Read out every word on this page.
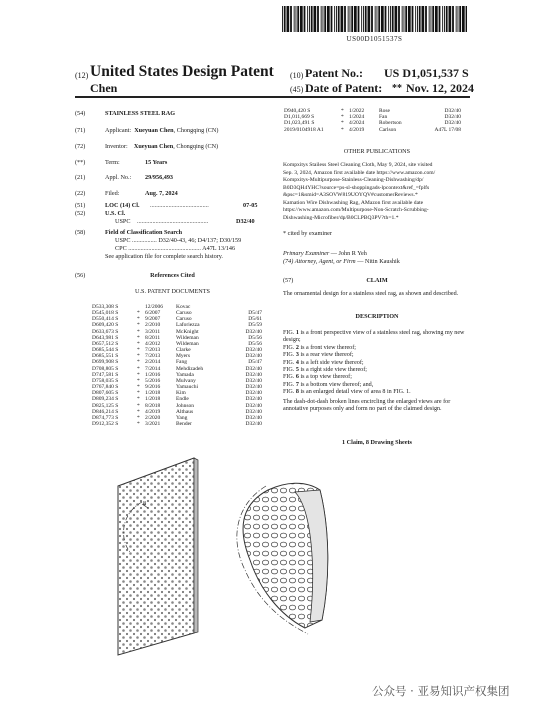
US00D1051537S
(12) United States Design Patent (10) Patent No.: US D1,051,537 S
Chen	(45) Date of Patent: ** Nov. 12, 2024
(54)	STAINLESS STEEL RAG
(71)	Applicant: Xueyuan Chen, Chongqing (CN)
(72)	Inventor: Xueyuan Chen, Chongqing (CN)
(**)	Term:	15 Years
(21)	Appl. No.: 29/956,493
(22)	Filed:	Aug. 7, 2024
(51)	LOC (14) Cl. ......................................	07-05
(52)	U.S. Cl.
USPC ..............................................	D32/40
(58)	Field of Classification Search
USPC ................ D32/40-43, 46; D4/137; D30/159
CPC ............................................... A47L 13/146
See application file for complete search history.
(56)	References Cited
U.S. PATENT DOCUMENTS
D533,308 S	12/2006	Kovac
D545,018 S	* 6/2007	Caruso	D5/47
D550,414 S	* 9/2007	Caruso	D5/61
D609,420 S	* 2/2010	Laforiezza	D5/59
D633,673 S	* 3/2011	McKnight	D32/40
D643,981 S	* 8/2011	Wildeman	D5/56
D657,512 S	* 4/2012	Wildeman	D5/56
D685,544 S	* 7/2013	Clarke	D32/40
D685,551 S	* 7/2013	Myers	D32/40
D699,908 S	* 2/2014	Fang	D5/47
D708,805 S	* 7/2014	Mehdizadeh	D32/40
D747,581 S	* 1/2016	Yamada	D32/40
D758,035 S	* 5/2016	Mulvany	D32/40
D767,840 S	* 9/2016	Yamauchi	D32/40
D807,605 S	* 1/2018	Kim	D32/40
D809,234 S	* 1/2018	Endle	D32/40
D825,125 S	* 8/2018	Johnson	D32/40
D846,214 S	* 4/2019	Althaus	D32/40
D874,773 S	* 2/2020	Yang	D32/40
D912,352 S	* 3/2021	Bender	D32/40
D940,420 S	* 1/2022	Rose	D32/40
D1,011,669 S	* 1/2024	Fan	D32/40
D1,023,491 S	* 4/2024	Robertson	D32/40
2019/0104918 A1	* 4/2019	Carlson	A47L 17/08
OTHER PUBLICATIONS
Kompxitys Stailess Steel Cleaning Cloth, May 9, 2024, site visited
Sep. 3, 2024, Amazon first available date https://www.amazon.com/
Kompxitys-Multipurpose-Stainless-Cleaning-Dishwashing/dp/
B0D3QH4YHC?source=ps-sl-shoppingads-lpcontext&ref_=fplfs
&psc=1&smid=A3SOVW819UOYQV#customerReviews.*
Kamation Wire Dishwashing Rag, AMazon first available date
https://www.amazon.com/Multipurpose-Non-Scratch-Scrubbing-
Dishwashing-Microfiber/dp/B0CLPBQ3PV?th=1.*
* cited by examiner
Primary Examiner — John R Yeh
(74) Attorney, Agent, or Firm — Nitin Kaushik
(57)	CLAIM
The ornamental design for a stainless steel rag, as shown and described.
DESCRIPTION
FIG. 1 is a front perspective view of a stainless steel rag, showing my new design;
FIG. 2 is a front view thereof;
FIG. 3 is a rear view thereof;
FIG. 4 is a left side view thereof;
FIG. 5 is a right side view thereof;
FIG. 6 is a top view thereof;
FIG. 7 is a bottom view thereof; and,
FIG. 8 is an enlarged detail view of area 8 in FIG. 1.
The dash-dot-dash broken lines encircling the enlarged views are for annotative purposes only and form no part of the claimed design.
1 Claim, 8 Drawing Sheets
8
公众号 · 亚易知识产权集团
